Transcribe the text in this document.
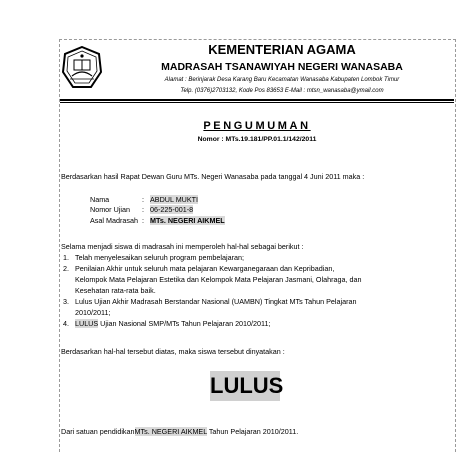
KEMENTERIAN AGAMA
MADRASAH TSANAWIYAH NEGERI WANASABA
Alamat : Berinjarak Desa Karang Baru Kecamatan Wanasaba Kabupaten Lombok Timur
Telp. (0376)2703132, Kode Pos 83653 E-Mail : mtsn_wanasaba@ymail.com
PENGUMUMAN
Nomor : MTs.19.181/PP.01.1/142/2011
Berdasarkan hasil Rapat Dewan Guru MTs. Negeri Wanasaba pada tanggal 4 Juni 2011 maka :
Nama	: ABDUL MUKTI
Nomor Ujian : 06-225-001-8
Asal Madrasah : MTs. NEGERI AIKMEL
Selama menjadi siswa di madrasah ini memperoleh hal-hal sebagai berikut :
1. Telah menyelesaikan seluruh program pembelajaran;
2. Penilaian Akhir untuk seluruh mata pelajaran Kewarganegaraan dan Kepribadian,
Kelompok Mata Pelajaran Estetika dan Kelompok Mata Pelajaran Jasmani, Olahraga, dan
Kesehatan rata-rata baik.
3. Lulus Ujian Akhir Madrasah Berstandar Nasional (UAMBN) Tingkat MTs Tahun Pelajaran
2010/2011;
4. LULUS Ujian Nasional SMP/MTs Tahun Pelajaran 2010/2011;
Berdasarkan hal-hal tersebut diatas, maka siswa tersebut dinyatakan :
LULUS
Dari satuan pendidikanMTs. NEGERI AIKMEL Tahun Pelajaran 2010/2011.
